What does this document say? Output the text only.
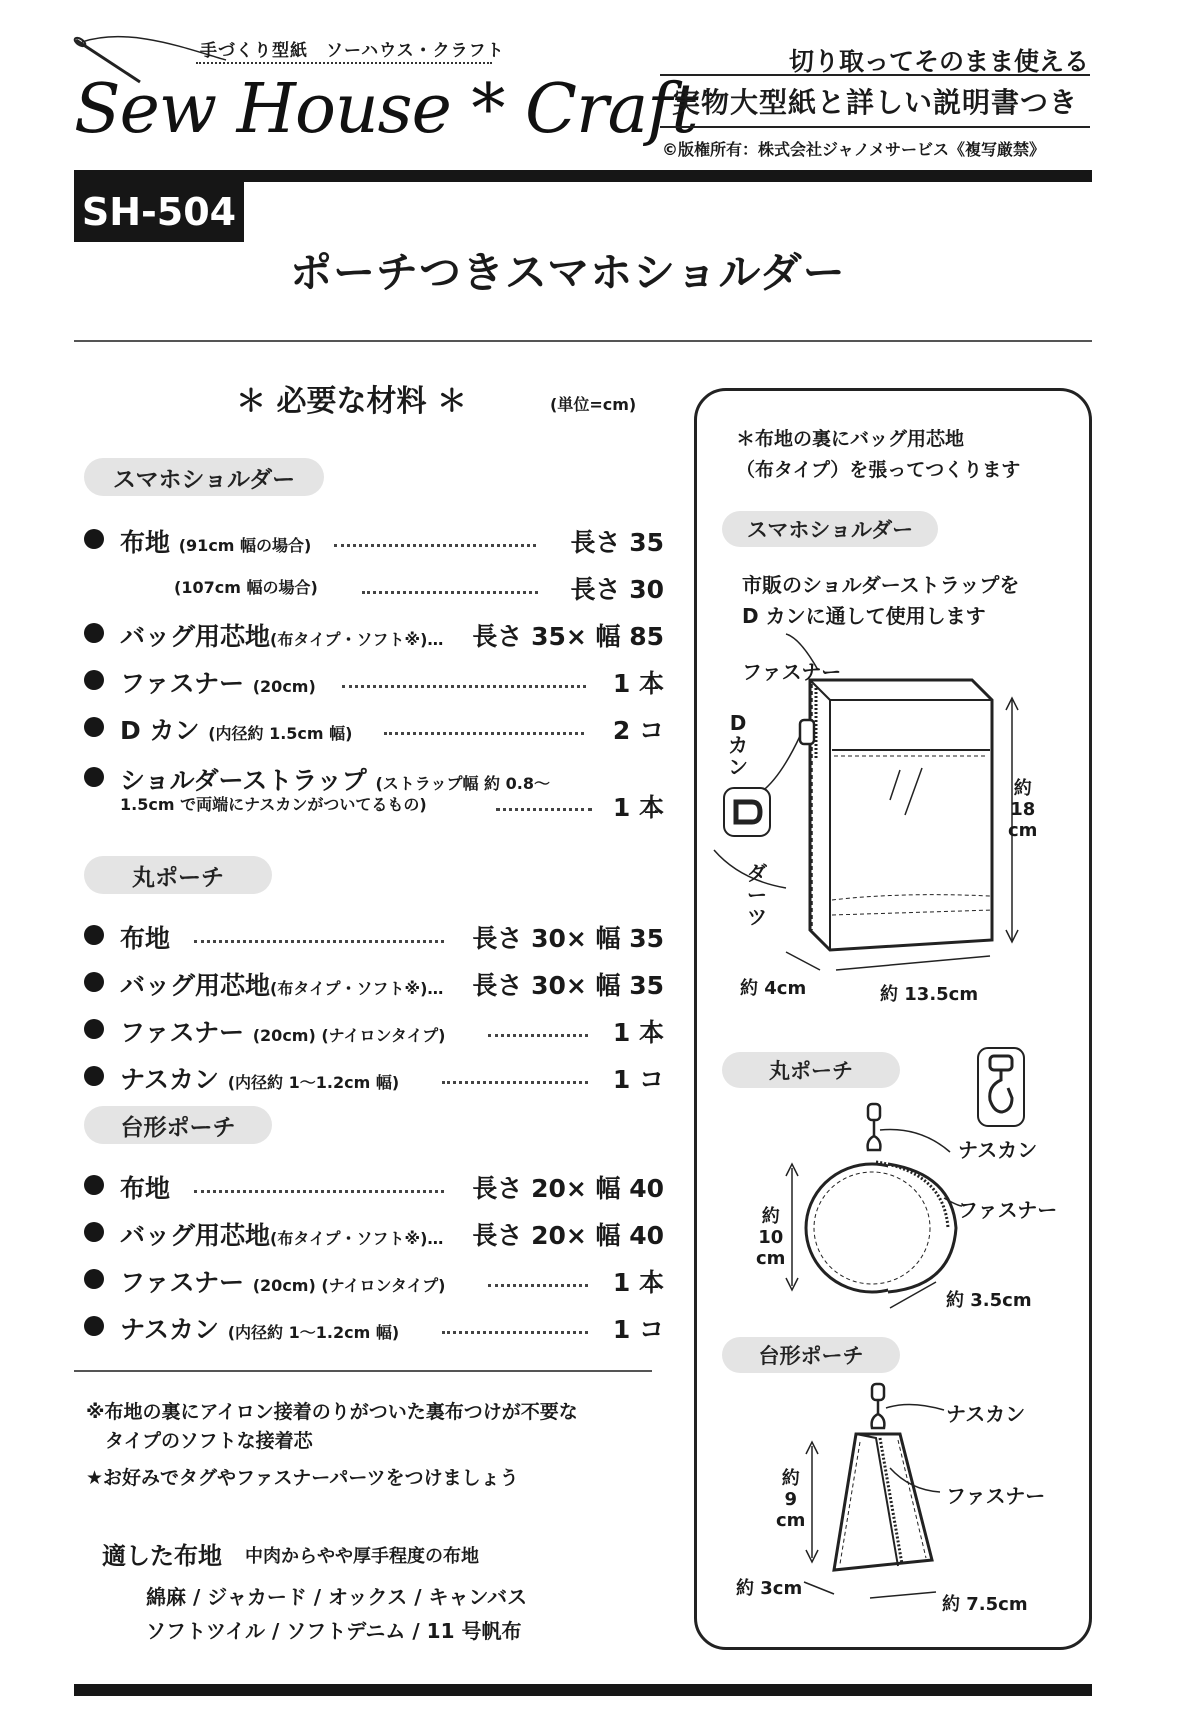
手づくり型紙　ソーハウス・クラフト
Sew House * Craft
切り取ってそのまま使える
実物大型紙と詳しい説明書つき
©版権所有：株式会社ジャノメサービス《複写厳禁》
SH-504
ポーチつきスマホショルダー
＊ 必要な材料 ＊	(単位=cm)
スマホショルダー
布地 (91cm 幅の場合)	長さ 35
(107cm 幅の場合)	長さ 30
バッグ用芯地(布タイプ・ソフト※)… 長さ 35× 幅 85
ファスナー (20cm)	1 本
D カン (内径約 1.5cm 幅)	2 コ
ショルダーストラップ (ストラップ幅 約 0.8～
1.5cm で両端にナスカンがついてるもの)	1 本
丸ポーチ
布地	長さ 30× 幅 35
バッグ用芯地(布タイプ・ソフト※)… 長さ 30× 幅 35
ファスナー (20cm) (ナイロンタイプ)	1 本
ナスカン (内径約 1～1.2cm 幅)	1 コ
台形ポーチ
布地	長さ 20× 幅 40
バッグ用芯地(布タイプ・ソフト※)… 長さ 20× 幅 40
ファスナー (20cm) (ナイロンタイプ)	1 本
ナスカン (内径約 1～1.2cm 幅)	1 コ
※布地の裏にアイロン接着のりがついた裏布つけが不要な
　タイプのソフトな接着芯
★お好みでタグやファスナーパーツをつけましょう
適した布地 中肉からやや厚手程度の布地
綿麻 / ジャカード / オックス / キャンバス
ソフトツイル / ソフトデニム / 11 号帆布
＊布地の裏にバッグ用芯地
（布タイプ）を張ってつくります
スマホショルダー
市販のショルダーストラップを
D カンに通して使用します
ファスナー
D
カ
ン
ダ
ー
ツ
約
18
cm
約 4cm	約 13.5cm
丸ポーチ
ナスカン
ファスナー
約
10
cm
約 3.5cm
台形ポーチ
ナスカン
ファスナー
約
9
cm
約 3cm
約 7.5cm
